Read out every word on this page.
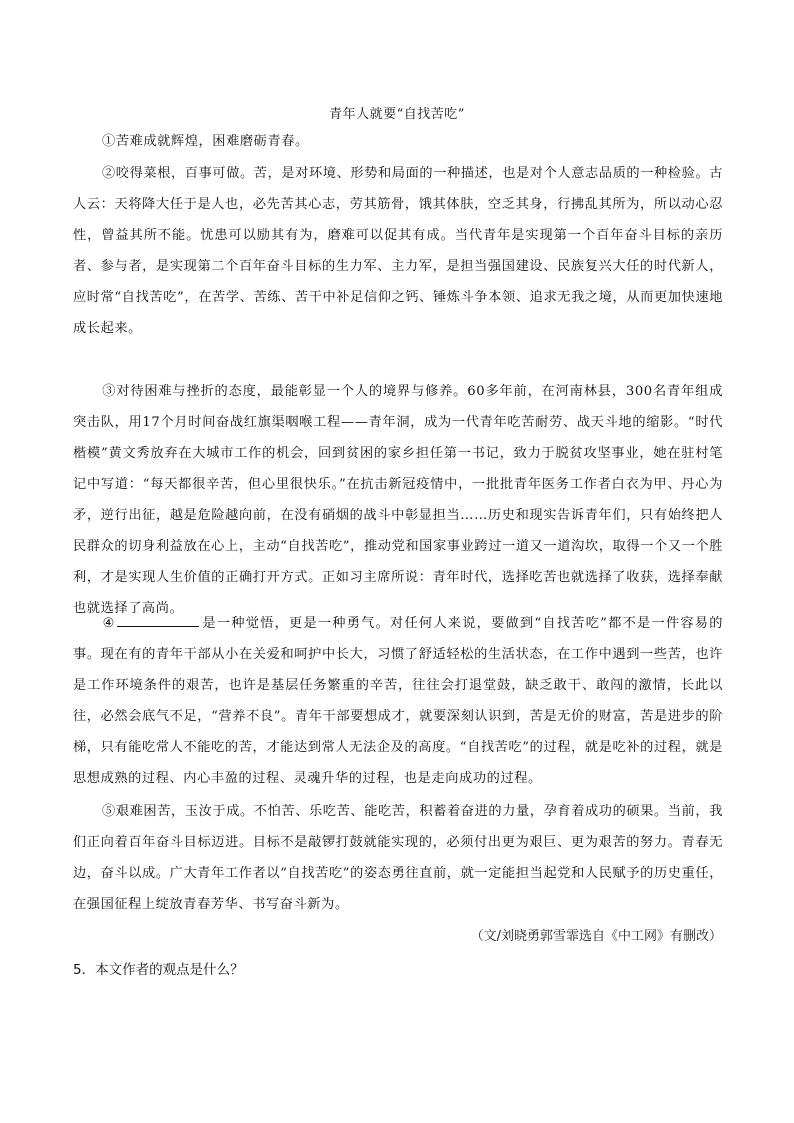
青年人就要“自找苦吃”

①苦难成就辉煌，困难磨砺青春。

②咬得菜根，百事可做。苦，是对环境、形势和局面的一种描述，也是对个人意志品质的一种检验。古人云：天将降大任于是人也，必先苦其心志，劳其筋骨，饿其体肤，空乏其身，行拂乱其所为，所以动心忍性，曾益其所不能。忧患可以励其有为，磨难可以促其有成。当代青年是实现第一个百年奋斗目标的亲历者、参与者，是实现第二个百年奋斗目标的生力军、主力军，是担当强国建设、民族复兴大任的时代新人，应时常“自找苦吃”，在苦学、苦练、苦干中补足信仰之钙、锤炼斗争本领、追求无我之境，从而更加快速地成长起来。

③对待困难与挫折的态度，最能彰显一个人的境界与修养。60多年前，在河南林县，300名青年组成突击队，用17个月时间奋战红旗渠咽喉工程——青年洞，成为一代青年吃苦耐劳、战天斗地的缩影。“时代楷模”黄文秀放弃在大城市工作的机会，回到贫困的家乡担任第一书记，致力于脱贫攻坚事业，她在驻村笔记中写道：“每天都很辛苦，但心里很快乐。”在抗击新冠疫情中，一批批青年医务工作者白衣为甲、丹心为矛，逆行出征，越是危险越向前，在没有硝烟的战斗中彰显担当……历史和现实告诉青年们，只有始终把人民群众的切身利益放在心上，主动“自找苦吃”，推动党和国家事业跨过一道又一道沟坎，取得一个又一个胜利，才是实现人生价值的正确打开方式。正如习主席所说：青年时代，选择吃苦也就选择了收获，选择奉献也就选择了高尚。

④	是一种觉悟，更是一种勇气。对任何人来说，要做到“自找苦吃”都不是一件容易的事。现在有的青年干部从小在关爱和呵护中长大，习惯了舒适轻松的生活状态，在工作中遇到一些苦，也许是工作环境条件的艰苦，也许是基层任务繁重的辛苦，往往会打退堂鼓，缺乏敢干、敢闯的激情，长此以往，必然会底气不足，“营养不良”。青年干部要想成才，就要深刻认识到，苦是无价的财富，苦是进步的阶梯，只有能吃常人不能吃的苦，才能达到常人无法企及的高度。“自找苦吃”的过程，就是吃补的过程，就是思想成熟的过程、内心丰盈的过程、灵魂升华的过程，也是走向成功的过程。

⑤艰难困苦，玉汝于成。不怕苦、乐吃苦、能吃苦，积蓄着奋进的力量，孕育着成功的硕果。当前，我们正向着百年奋斗目标迈进。目标不是敲锣打鼓就能实现的，必须付出更为艰巨、更为艰苦的努力。青春无边，奋斗以成。广大青年工作者以“自找苦吃”的姿态勇往直前，就一定能担当起党和人民赋予的历史重任，在强国征程上绽放青春芳华、书写奋斗新为。

（文/刘晓勇郭雪霏选自《中工网》有删改）
5．本文作者的观点是什么？
